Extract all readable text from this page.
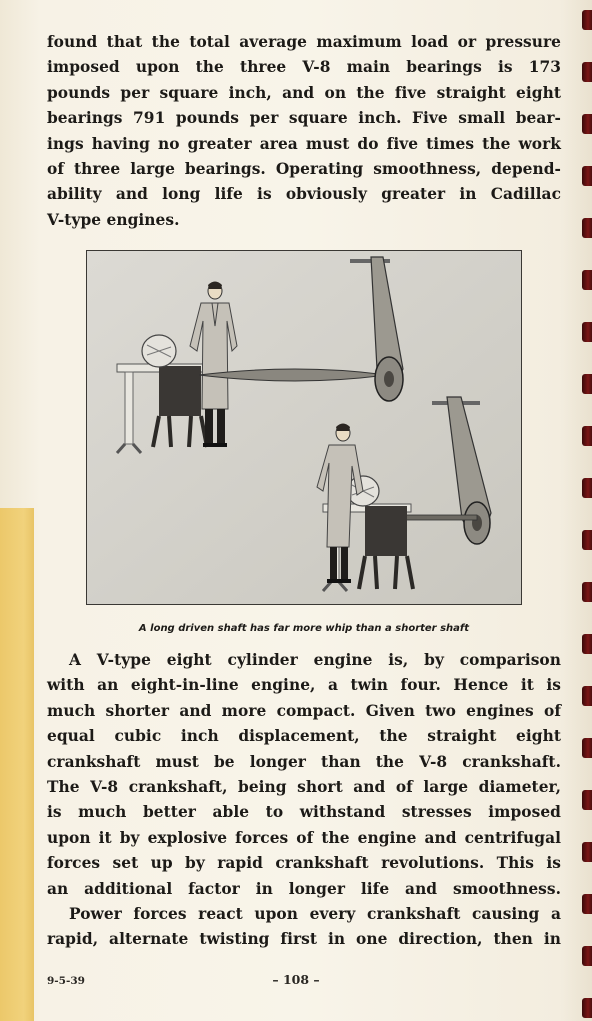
found that the total average maximum load or pressure
imposed upon the three V-8 main bearings is 173
pounds per square inch, and on the five straight eight
bearings 791 pounds per square inch. Five small bear-
ings having no greater area must do five times the work
of three large bearings. Operating smoothness, depend-
ability and long life is obviously greater in Cadillac
V-type engines.

A long driven shaft has far more whip than a shorter shaft

A V-type eight cylinder engine is, by comparison
with an eight-in-line engine, a twin four. Hence it is
much shorter and more compact. Given two engines of
equal cubic inch displacement, the straight eight
crankshaft must be longer than the V-8 crankshaft.
The V-8 crankshaft, being short and of large diameter,
is much better able to withstand stresses imposed
upon it by explosive forces of the engine and centrifugal
forces set up by rapid crankshaft revolutions. This is
an additional factor in longer life and smoothness.

Power forces react upon every crankshaft causing a
rapid, alternate twisting first in one direction, then in

9-5-39	– 108 –
